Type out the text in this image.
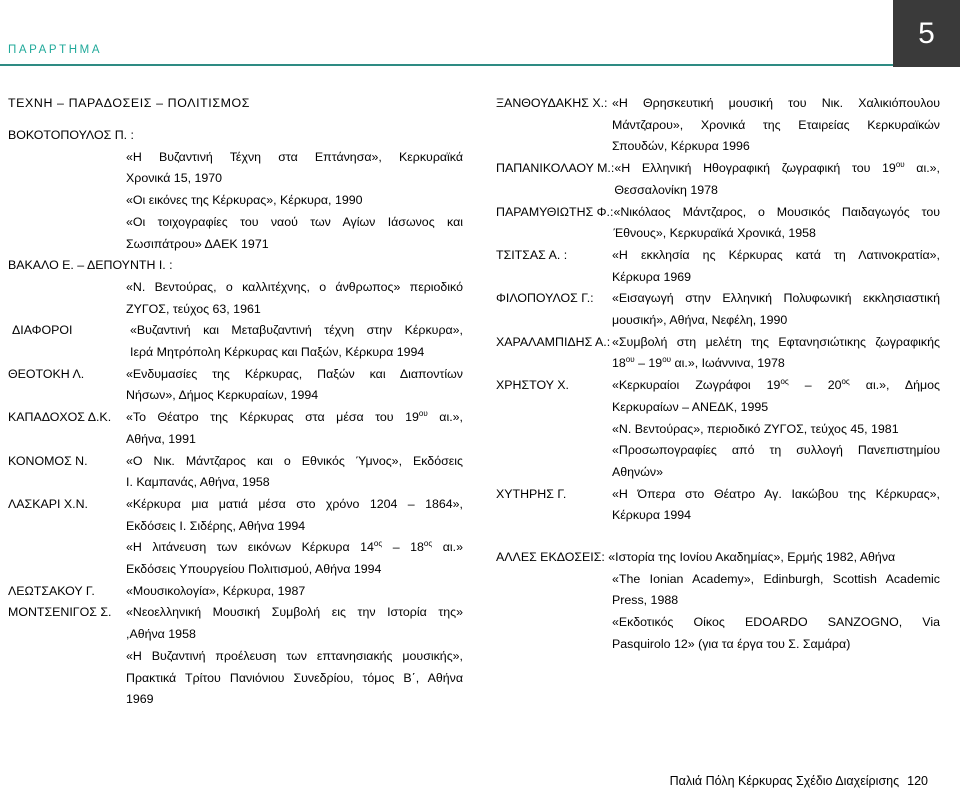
ΠΑΡΑΡΤΗΜΑ
5
ΤΕΧΝΗ – ΠΑΡΑΔΟΣΕΙΣ – ΠΟΛΙΤΙΣΜΟΣ
ΒΟΚΟΤΟΠΟΥΛΟΣ Π. :
«Η Βυζαντινή Τέχνη στα Επτάνησα», Κερκυραϊκά
Χρονικά 15, 1970
«Οι εικόνες της Κέρκυρας», Κέρκυρα, 1990
«Οι τοιχογραφίες του ναού των Αγίων Ιάσωνος και
Σωσιπάτρου» ΔΑΕΚ 1971
ΒΑΚΑΛΟ Ε. – ΔΕΠΟΥΝΤΗ Ι. :
«Ν. Βεντούρας, ο καλλιτέχνης, ο άνθρωπος» περιοδικό
ΖΥΓΟΣ, τεύχος 63, 1961
ΔΙΑΦΟΡΟΙ	«Βυζαντινή και Μεταβυζαντινή τέχνη στην Κέρκυρα»,
Ιερά Μητρόπολη Κέρκυρας και Παξών, Κέρκυρα 1994
ΘΕΟΤΟΚΗ Λ.	«Ενδυμασίες της Κέρκυρας, Παξών και Διαποντίων
Νήσων», Δήμος Κερκυραίων, 1994
ΚΑΠΑΔΟΧΟΣ Δ.Κ.	«Το Θέατρο της Κέρκυρας στα μέσα του $19^{o\upsilon}$ αι.»,
Αθήνα, 1991
ΚΟΝΟΜΟΣ Ν.	«Ο Νικ. Μάντζαρος και ο Εθνικός Ύμνος», Εκδόσεις
Ι. Καμπανάς, Αθήνα, 1958
ΛΑΣΚΑΡΙ Χ.Ν.	«Κέρκυρα μια ματιά μέσα στο χρόνο 1204 – 1864»,
Εκδόσεις Ι. Σιδέρης, Αθήνα 1994
«Η λιτάνευση των εικόνων Κέρκυρα $14^{o\varsigma} - 18^{o\varsigma}$ αι.»
Εκδόσεις Υπουργείου Πολιτισμού, Αθήνα 1994
ΛΕΩΤΣΑΚΟΥ Γ.	«Μουσικολογία», Κέρκυρα, 1987
ΜΟΝΤΣΕΝΙΓΟΣ Σ.	«Νεοελληνική Μουσική Συμβολή εις την Ιστορία της»
,Αθήνα 1958
«Η Βυζαντινή προέλευση των επτανησιακής μουσικής»,
Πρακτικά Τρίτου Πανιόνιου Συνεδρίου, τόμος Β΄, Αθήνα
1969
ΞΑΝΘΟΥΔΑΚΗΣ Χ.: «Η Θρησκευτική μουσική του Νικ. Χαλικιόπουλου
Μάντζαρου», Χρονικά της Εταιρείας Κερκυραϊκών
Σπουδών, Κέρκυρα 1996
ΠΑΠΑΝΙΚΟΛΑΟΥ Μ.: «Η Ελληνική Ηθογραφική ζωγραφική του $19^{o\upsilon}$ αι.»,
Θεσσαλονίκη 1978
ΠΑΡΑΜΥΘΙΩΤΗΣ Φ.: «Νικόλαος Μάντζαρος, ο Μουσικός Παιδαγωγός του
Έθνους», Κερκυραϊκά Χρονικά, 1958
ΤΣΙΤΣΑΣ Α. :	«Η εκκλησία ης Κέρκυρας κατά τη Λατινοκρατία»,
Κέρκυρα 1969
ΦΙΛΟΠΟΥΛΟΣ Γ.:	«Εισαγωγή στην Ελληνική Πολυφωνική εκκλησιαστική
μουσική», Αθήνα, Νεφέλη, 1990
ΧΑΡΑΛΑΜΠΙΔΗΣ Α.: «Συμβολή στη μελέτη της Εφτανησιώτικης ζωγραφικής
$18^{o\upsilon} - 19^{o\upsilon}$ αι.», Ιωάννινα, 1978
ΧΡΗΣΤΟΥ Χ.	«Κερκυραίοι Ζωγράφοι $19^{o\varsigma} - 20^{o\varsigma}$ αι.», Δήμος
Κερκυραίων – ΑΝΕΔΚ, 1995
«Ν. Βεντούρας», περιοδικό ΖΥΓΟΣ, τεύχος 45, 1981
«Προσωπογραφίες από τη συλλογή Πανεπιστημίου
Αθηνών»
ΧΥΤΗΡΗΣ Γ.	«Η Όπερα στο Θέατρο Αγ. Ιακώβου της Κέρκυρας»,
Κέρκυρα 1994
ΑΛΛΕΣ ΕΚΔΟΣΕΙΣ: «Ιστορία της Ιονίου Ακαδημίας», Ερμής 1982, Αθήνα
«The Ionian Academy», Edinburgh, Scottish Academic
Press, 1988
«Εκδοτικός Οίκος EDOARDO SANZOGNO, Via
Pasquirolo 12» (για τα έργα του Σ. Σαμάρα)
Παλιά Πόλη Κέρκυρας Σχέδιο Διαχείρισης 120
